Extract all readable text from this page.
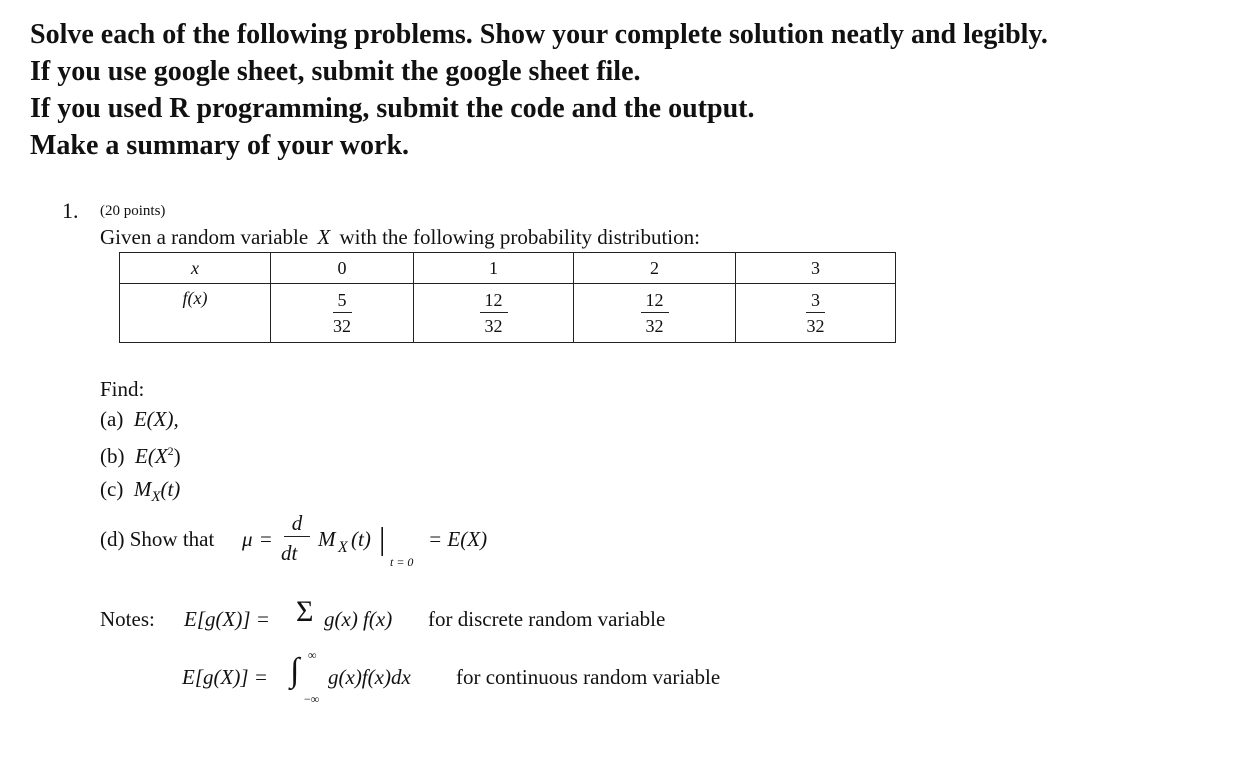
Solve each of the following problems. Show your complete solution neatly and legibly.
If you use google sheet, submit the google sheet file.
If you used R programming, submit the code and the output.
Make a summary of your work.
1. (20 points)
Given a random variable X with the following probability distribution:
x	0	1	2	3
f(x)	$\frac{5}{32}$	$\frac{12}{32}$	$\frac{12}{32}$	$\frac{3}{32}$
Find:
(a) E(X),
(b) $E(X^2)$
(c) $M_X(t)$
(d) Show that μ =
d
dt
M X (t) |
t = 0
= E(X)
Notes: E[g(X)] = Σ g(x) f(x) for discrete random variable
E[g(X)] = ∫ ∞
−∞
g(x)f(x)dx for continuous random variable
